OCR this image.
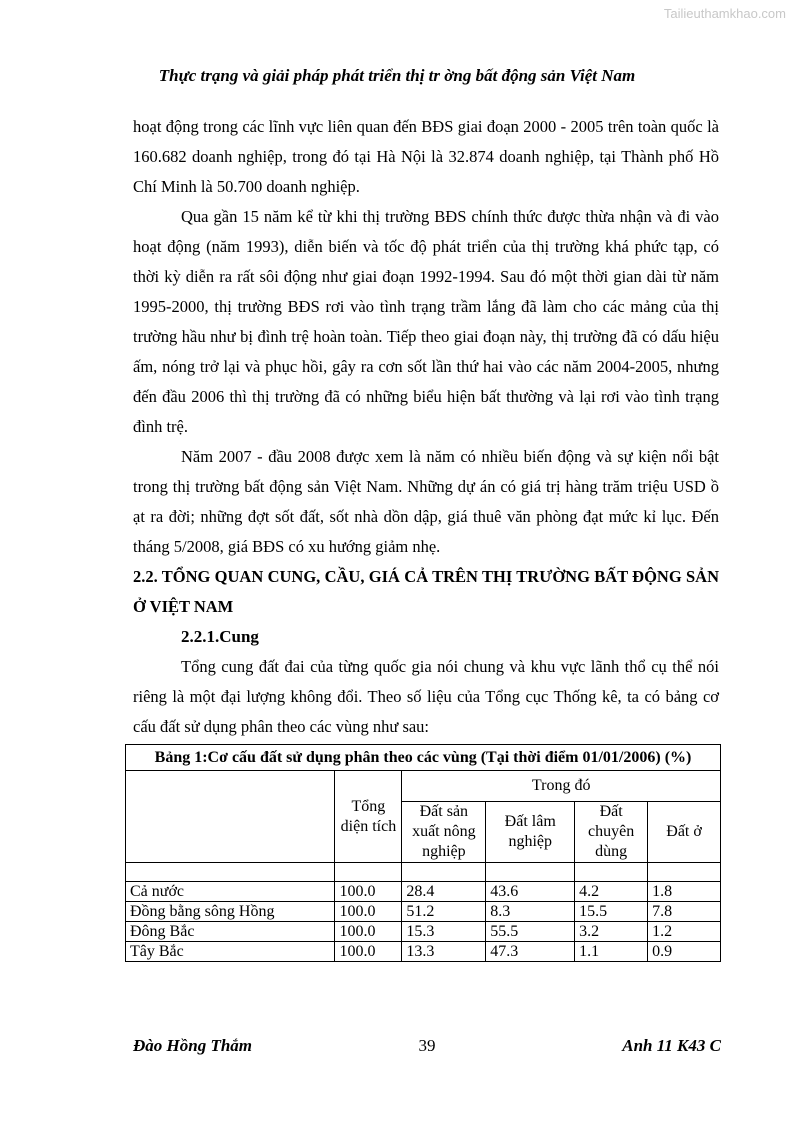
Tailieuthamkhao.com
Thực trạng và giải pháp phát triển thị tr ờng bất động sản Việt Nam

hoạt động trong các lĩnh vực liên quan đến BĐS giai đoạn 2000 - 2005 trên toàn quốc là 160.682 doanh nghiệp, trong đó tại Hà Nội là 32.874 doanh nghiệp, tại Thành phố Hồ Chí Minh là 50.700 doanh nghiệp.

Qua gần 15 năm kể từ khi thị trường BĐS chính thức được thừa nhận và đi vào hoạt động (năm 1993), diễn biến và tốc độ phát triển của thị trường khá phức tạp, có thời kỳ diễn ra rất sôi động như giai đoạn 1992-1994. Sau đó một thời gian dài từ năm 1995-2000, thị trường BĐS rơi vào tình trạng trầm lắng đã làm cho các mảng của thị trường hầu như bị đình trệ hoàn toàn. Tiếp theo giai đoạn này, thị trường đã có dấu hiệu ấm, nóng trở lại và phục hồi, gây ra cơn sốt lần thứ hai vào các năm 2004-2005, nhưng đến đầu 2006 thì thị trường đã có những biểu hiện bất thường và lại rơi vào tình trạng đình trệ.

Năm 2007 - đầu 2008 được xem là năm có nhiều biến động và sự kiện nổi bật trong thị trường bất động sản Việt Nam. Những dự án có giá trị hàng trăm triệu USD ồ ạt ra đời; những đợt sốt đất, sốt nhà dồn dập, giá thuê văn phòng đạt mức kỉ lục. Đến tháng 5/2008, giá BĐS có xu hướng giảm nhẹ.

2.2. TỔNG QUAN CUNG, CẦU, GIÁ CẢ TRÊN THỊ TRƯỜNG BẤT ĐỘNG SẢN Ở VIỆT NAM

2.2.1.Cung

Tổng cung đất đai của từng quốc gia nói chung và khu vực lãnh thổ cụ thể nói riêng là một đại lượng không đổi. Theo số liệu của Tổng cục Thống kê, ta có bảng cơ cấu đất sử dụng phân theo các vùng như sau:

Bảng 1:Cơ cấu đất sử dụng phân theo các vùng (Tại thời điểm 01/01/2006) (%)					
	Tổng diện tích	Trong đó			
		Đất sản xuất nông nghiệp	Đất lâm nghiệp	Đất chuyên dùng	Đất ở

Cả nước	100.0	28.4	43.6	4.2	1.8
Đồng bằng sông Hồng	100.0	51.2	8.3	15.5	7.8
Đông Bắc	100.0	15.3	55.5	3.2	1.2
Tây Bắc	100.0	13.3	47.3	1.1	0.9
39
Đào Hồng Thắm	Anh 11 K43 C
